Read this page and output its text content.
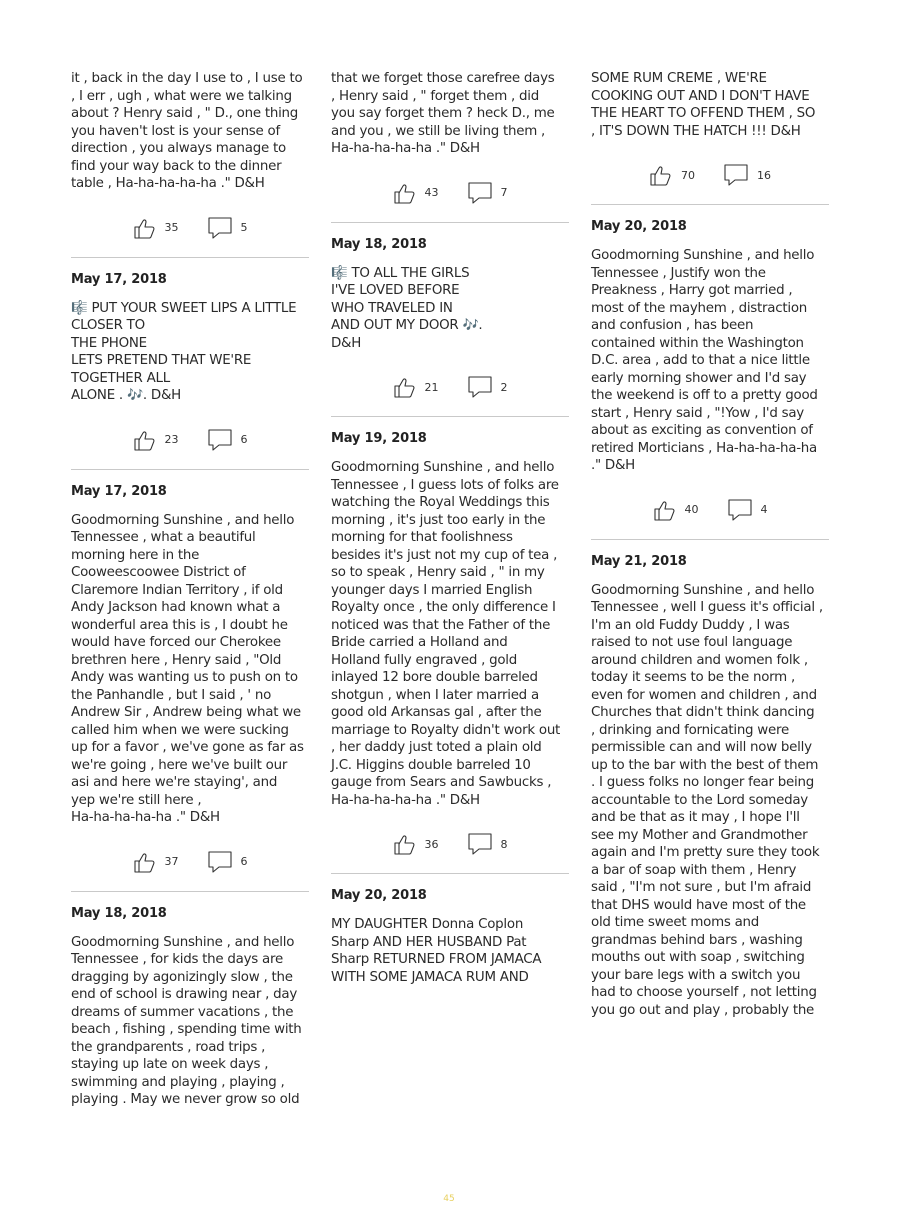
it , back in the day I use to , I use to
, I err , ugh , what were we talking
about ? Henry said , " D., one thing
you haven't lost is your sense of
direction , you always manage to
find your way back to the dinner
table , Ha-ha-ha-ha-ha ." D&H

35	5
May 17, 2018

🎼 PUT YOUR SWEET LIPS A LITTLE
CLOSER TO
THE PHONE
LETS PRETEND THAT WE'RE
TOGETHER ALL
ALONE . 🎶. D&H

23	6
May 17, 2018

Goodmorning Sunshine , and hello
Tennessee , what a beautiful
morning here in the
Cooweescoowee District of
Claremore Indian Territory , if old
Andy Jackson had known what a
wonderful area this is , I doubt he
would have forced our Cherokee
brethren here , Henry said , "Old
Andy was wanting us to push on to
the Panhandle , but I said , ' no
Andrew Sir , Andrew being what we
called him when we were sucking
up for a favor , we've gone as far as
we're going , here we've built our
asi and here we're staying', and
yep we're still here ,
Ha-ha-ha-ha-ha ." D&H

37	6
May 18, 2018

Goodmorning Sunshine , and hello
Tennessee , for kids the days are
dragging by agonizingly slow , the
end of school is drawing near , day
dreams of summer vacations , the
beach , fishing , spending time with
the grandparents , road trips ,
staying up late on week days ,
swimming and playing , playing ,
playing . May we never grow so old

that we forget those carefree days
, Henry said , " forget them , did
you say forget them ? heck D., me
and you , we still be living them ,
Ha-ha-ha-ha-ha ." D&H

43	7
May 18, 2018

🎼 TO ALL THE GIRLS
I'VE LOVED BEFORE
WHO TRAVELED IN
AND OUT MY DOOR 🎶.
D&H

21	2
May 19, 2018

Goodmorning Sunshine , and hello
Tennessee , I guess lots of folks are
watching the Royal Weddings this
morning , it's just too early in the
morning for that foolishness
besides it's just not my cup of tea ,
so to speak , Henry said , " in my
younger days I married English
Royalty once , the only difference I
noticed was that the Father of the
Bride carried a Holland and
Holland fully engraved , gold
inlayed 12 bore double barreled
shotgun , when I later married a
good old Arkansas gal , after the
marriage to Royalty didn't work out
, her daddy just toted a plain old
J.C. Higgins double barreled 10
gauge from Sears and Sawbucks ,
Ha-ha-ha-ha-ha ." D&H

36	8
May 20, 2018

MY DAUGHTER Donna Coplon
Sharp AND HER HUSBAND Pat
Sharp RETURNED FROM JAMACA
WITH SOME JAMACA RUM AND

SOME RUM CREME , WE'RE
COOKING OUT AND I DON'T HAVE
THE HEART TO OFFEND THEM , SO
, IT'S DOWN THE HATCH !!! D&H

70	16
May 20, 2018

Goodmorning Sunshine , and hello
Tennessee , Justify won the
Preakness , Harry got married ,
most of the mayhem , distraction
and confusion , has been
contained within the Washington
D.C. area , add to that a nice little
early morning shower and I'd say
the weekend is off to a pretty good
start , Henry said , "!Yow , I'd say
about as exciting as convention of
retired Morticians , Ha-ha-ha-ha-ha
." D&H

40	4
May 21, 2018

Goodmorning Sunshine , and hello
Tennessee , well I guess it's official ,
I'm an old Fuddy Duddy , I was
raised to not use foul language
around children and women folk ,
today it seems to be the norm ,
even for women and children , and
Churches that didn't think dancing
, drinking and fornicating were
permissible can and will now belly
up to the bar with the best of them
. I guess folks no longer fear being
accountable to the Lord someday
and be that as it may , I hope I'll
see my Mother and Grandmother
again and I'm pretty sure they took
a bar of soap with them , Henry
said , "I'm not sure , but I'm afraid
that DHS would have most of the
old time sweet moms and
grandmas behind bars , washing
mouths out with soap , switching
your bare legs with a switch you
had to choose yourself , not letting
you go out and play , probably the

45
